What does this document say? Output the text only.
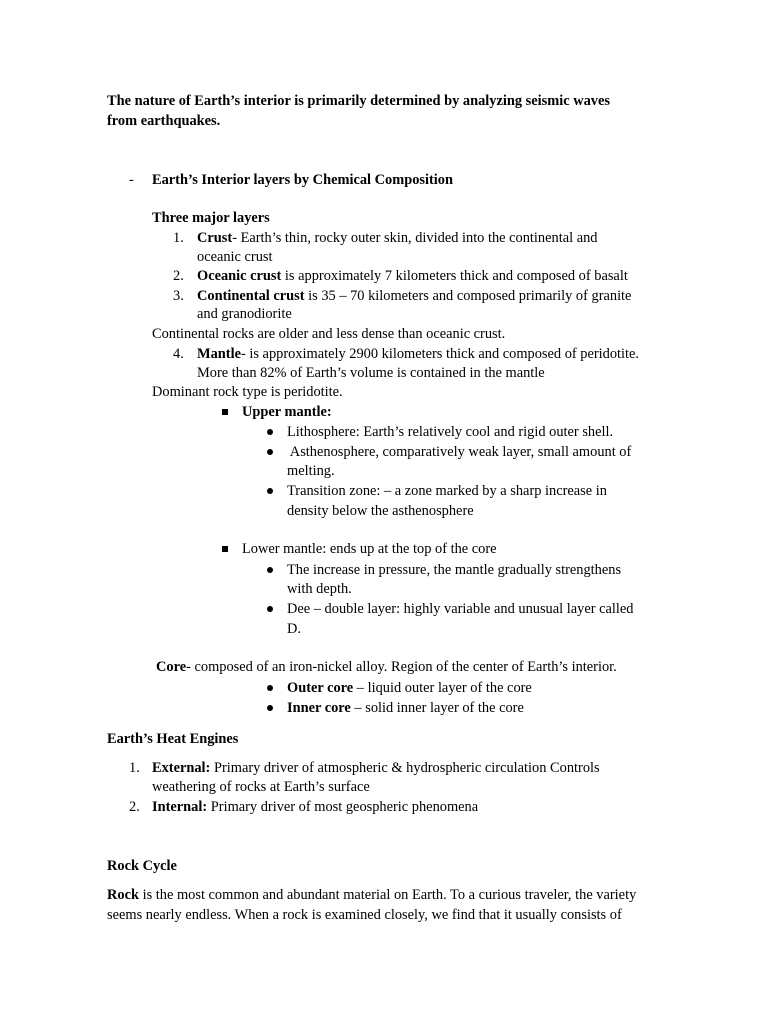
The nature of Earth’s interior is primarily determined by analyzing seismic waves
from earthquakes.
- Earth’s Interior layers by Chemical Composition
Three major layers
1. Crust- Earth’s thin, rocky outer skin, divided into the continental and
oceanic crust
2. Oceanic crust is approximately 7 kilometers thick and composed of basalt
3. Continental crust is 35 – 70 kilometers and composed primarily of granite
and granodiorite
Continental rocks are older and less dense than oceanic crust.
4. Mantle- is approximately 2900 kilometers thick and composed of peridotite.
More than 82% of Earth’s volume is contained in the mantle
Dominant rock type is peridotite.
Upper mantle:
Lithosphere: Earth’s relatively cool and rigid outer shell.
Asthenosphere, comparatively weak layer, small amount of
melting.
Transition zone: – a zone marked by a sharp increase in
density below the asthenosphere
Lower mantle: ends up at the top of the core
The increase in pressure, the mantle gradually strengthens
with depth.
Dee – double layer: highly variable and unusual layer called
D.
Core- composed of an iron-nickel alloy. Region of the center of Earth’s interior.
Outer core – liquid outer layer of the core
Inner core – solid inner layer of the core
Earth’s Heat Engines
1. External: Primary driver of atmospheric & hydrospheric circulation Controls
weathering of rocks at Earth’s surface
2. Internal: Primary driver of most geospheric phenomena
Rock Cycle
Rock is the most common and abundant material on Earth. To a curious traveler, the variety
seems nearly endless. When a rock is examined closely, we find that it usually consists of
